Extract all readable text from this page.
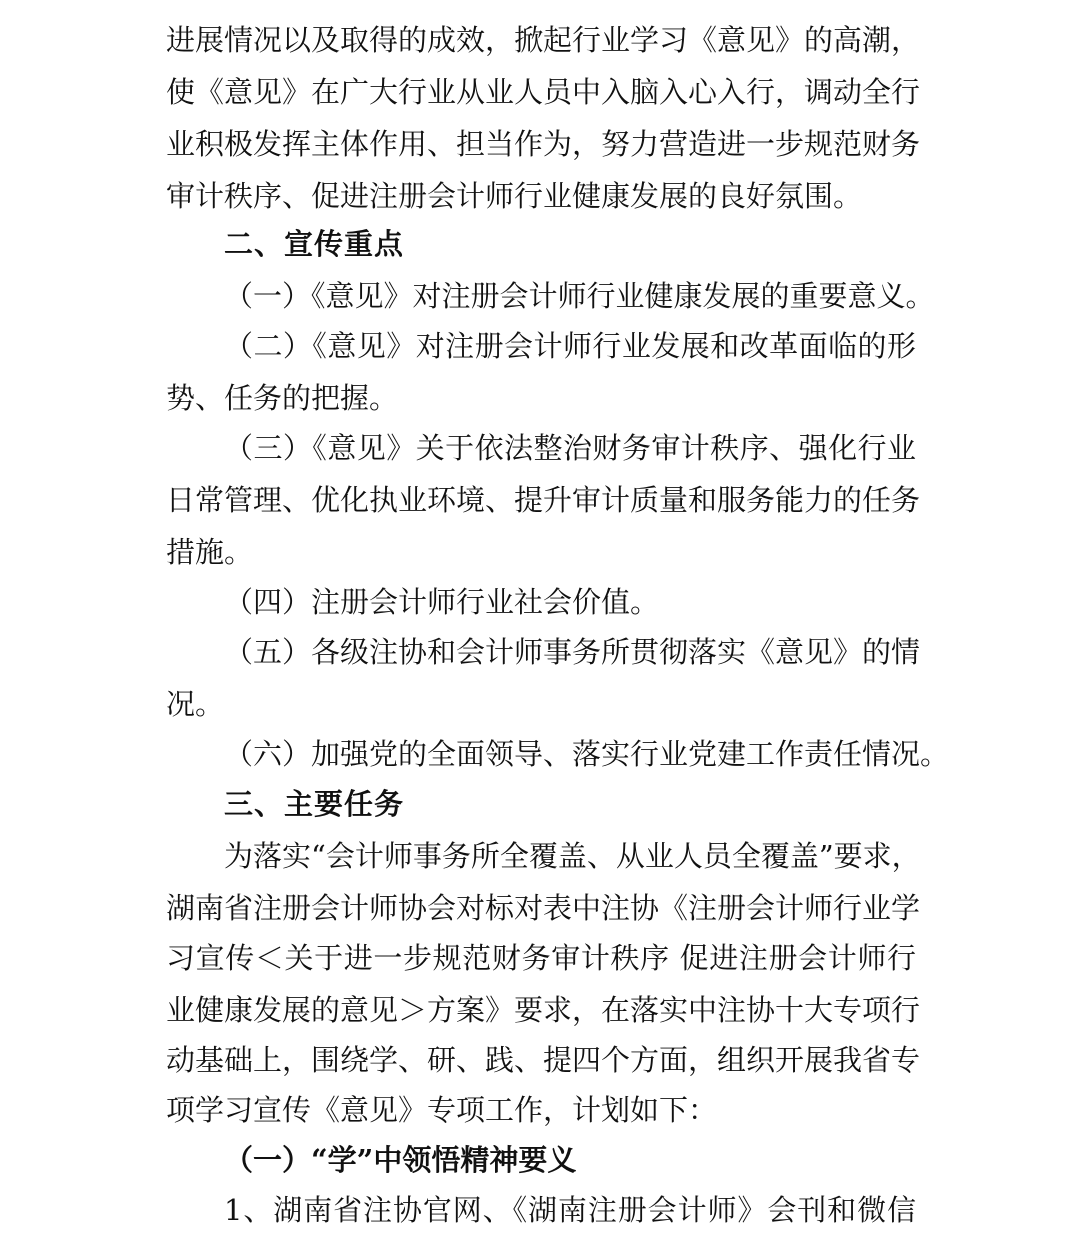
进展情况以及取得的成效，掀起行业学习《意见》的高潮，
使《意见》在广大行业从业人员中入脑入心入行，调动全行
业积极发挥主体作用、担当作为，努力营造进一步规范财务
审计秩序、促进注册会计师行业健康发展的良好氛围。
二、宣传重点
（一）《意见》对注册会计师行业健康发展的重要意义。
（二）《意见》对注册会计师行业发展和改革面临的形
势、任务的把握。
（三）《意见》关于依法整治财务审计秩序、强化行业
日常管理、优化执业环境、提升审计质量和服务能力的任务
措施。
（四）注册会计师行业社会价值。
（五）各级注协和会计师事务所贯彻落实《意见》的情
况。
（六）加强党的全面领导、落实行业党建工作责任情况。
三、主要任务
为落实“会计师事务所全覆盖、从业人员全覆盖”要求，
湖南省注册会计师协会对标对表中注协《注册会计师行业学
习宣传＜关于进一步规范财务审计秩序 促进注册会计师行
业健康发展的意见＞方案》要求，在落实中注协十大专项行
动基础上，围绕学、研、践、提四个方面，组织开展我省专
项学习宣传《意见》专项工作，计划如下：
（一）“学”中领悟精神要义
1、湖南省注协官网、《湖南注册会计师》会刊和微信
